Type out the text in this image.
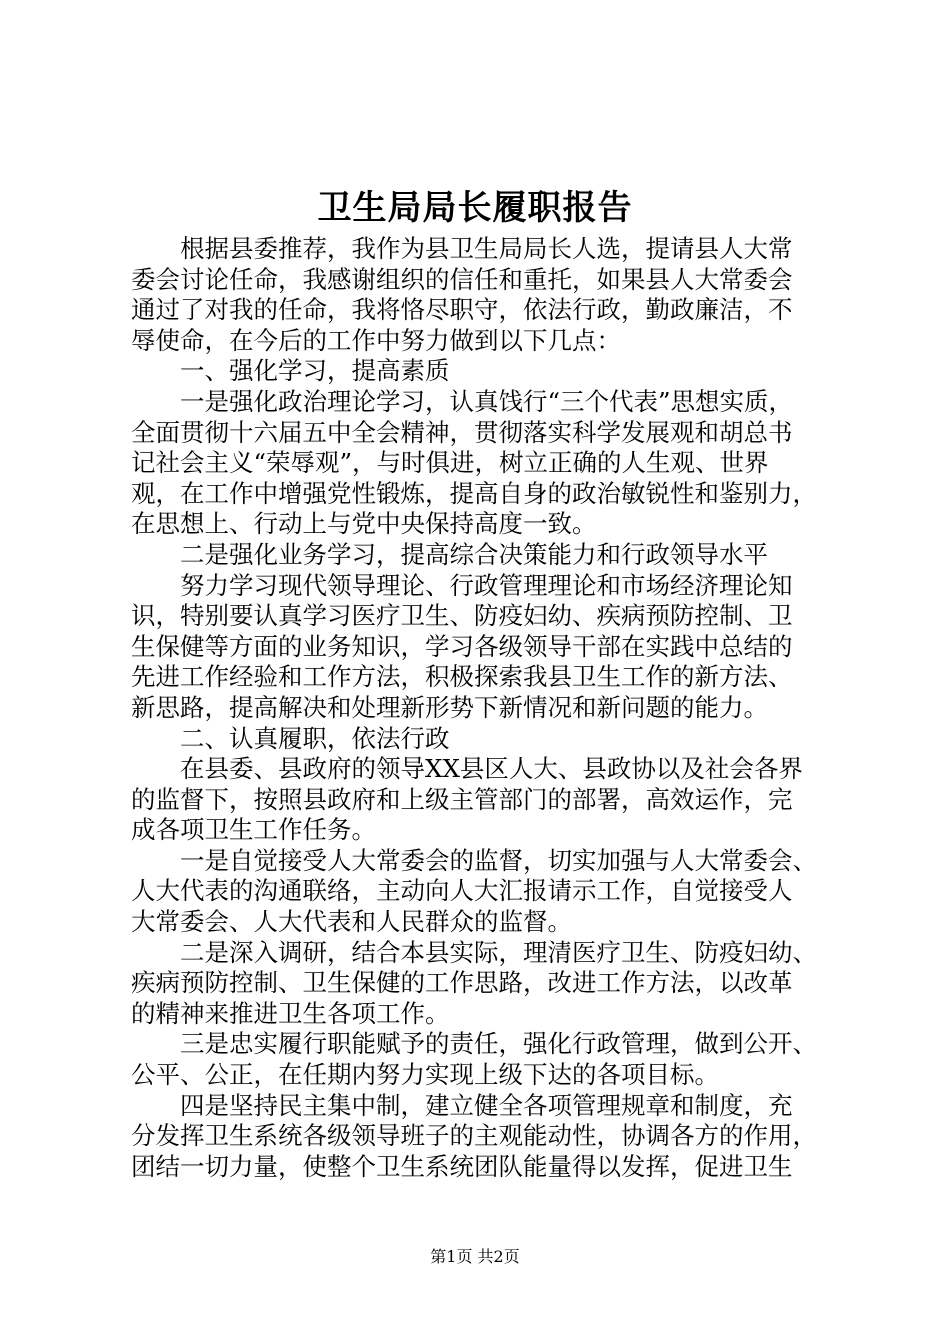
卫生局局长履职报告
根据县委推荐，我作为县卫生局局长人选，提请县人大常
委会讨论任命，我感谢组织的信任和重托，如果县人大常委会
通过了对我的任命，我将恪尽职守，依法行政，勤政廉洁，不
辱使命，在今后的工作中努力做到以下几点：
一、强化学习，提高素质
一是强化政治理论学习，认真饯行“三个代表”思想实质，
全面贯彻十六届五中全会精神，贯彻落实科学发展观和胡总书
记社会主义“荣辱观”，与时俱进，树立正确的人生观、世界
观，在工作中增强党性锻炼，提高自身的政治敏锐性和鉴别力，
在思想上、行动上与党中央保持高度一致。
二是强化业务学习，提高综合决策能力和行政领导水平
努力学习现代领导理论、行政管理理论和市场经济理论知
识，特别要认真学习医疗卫生、防疫妇幼、疾病预防控制、卫
生保健等方面的业务知识，学习各级领导干部在实践中总结的
先进工作经验和工作方法，积极探索我县卫生工作的新方法、
新思路，提高解决和处理新形势下新情况和新问题的能力。
二、认真履职，依法行政
在县委、县政府的领导XX县区人大、县政协以及社会各界
的监督下，按照县政府和上级主管部门的部署，高效运作，完
成各项卫生工作任务。
一是自觉接受人大常委会的监督，切实加强与人大常委会、
人大代表的沟通联络，主动向人大汇报请示工作，自觉接受人
大常委会、人大代表和人民群众的监督。
二是深入调研，结合本县实际，理清医疗卫生、防疫妇幼、
疾病预防控制、卫生保健的工作思路，改进工作方法，以改革
的精神来推进卫生各项工作。
三是忠实履行职能赋予的责任，强化行政管理，做到公开、
公平、公正，在任期内努力实现上级下达的各项目标。
四是坚持民主集中制，建立健全各项管理规章和制度，充
分发挥卫生系统各级领导班子的主观能动性，协调各方的作用，
团结一切力量，使整个卫生系统团队能量得以发挥，促进卫生
第1页 共2页
